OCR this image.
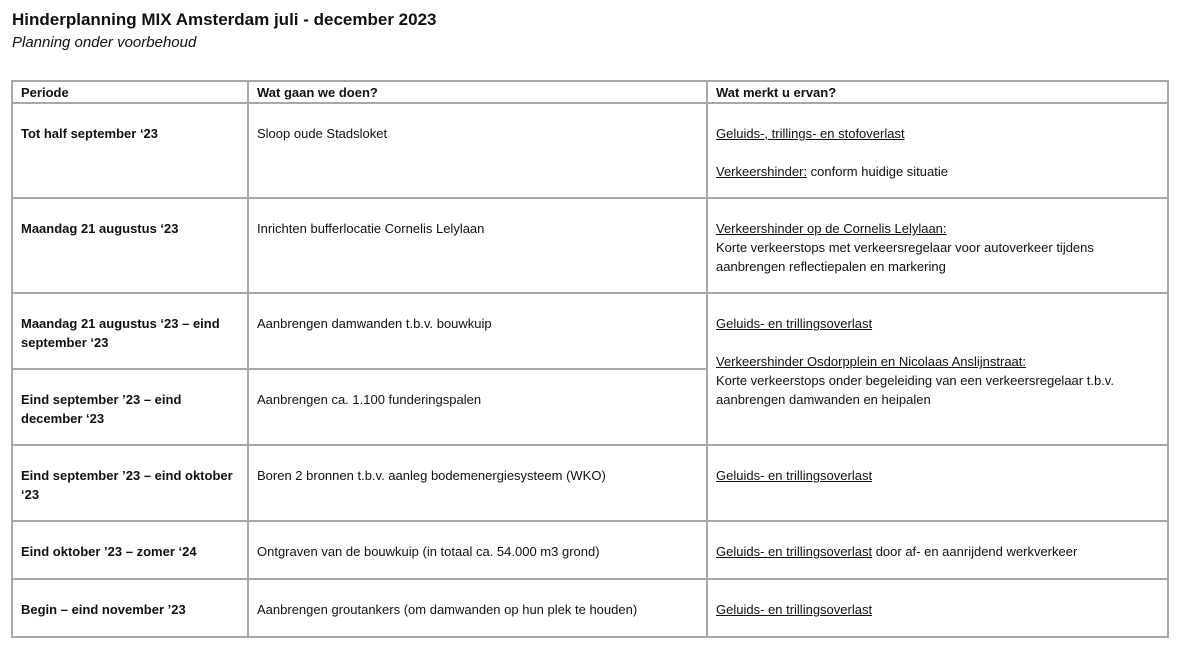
Hinderplanning MIX Amsterdam juli - december 2023
Planning onder voorbehoud
Periode	Wat gaan we doen?	Wat merkt u ervan?
Tot half september ‘23	Sloop oude Stadsloket	Geluids-, trillings- en stofoverlast

Verkeershinder: conform huidige situatie

Maandag 21 augustus ‘23	Inrichten bufferlocatie Cornelis Lelylaan	Verkeershinder op de Cornelis Lelylaan:

Korte verkeerstops met verkeersregelaar voor autoverkeer tijdens aanbrengen reflectiepalen en markering

Maandag 21 augustus ‘23 – eind september ‘23	Aanbrengen damwanden t.b.v. bouwkuip	Geluids- en trillingsoverlast

Verkeershinder Osdorpplein en Nicolaas Anslijnstraat:

Korte verkeerstops onder begeleiding van een verkeersregelaar t.b.v. aanbrengen damwanden en heipalen

Eind september ’23 – eind december ‘23	Aanbrengen ca. 1.100 funderingspalen	
Eind september ’23 – eind oktober ‘23	Boren 2 bronnen t.b.v. aanleg bodemenergiesysteem (WKO)	Geluids- en trillingsoverlast

Eind oktober ’23 – zomer ‘24	Ontgraven van de bouwkuip (in totaal ca. 54.000 m3 grond)	Geluids- en trillingsoverlast door af- en aanrijdend werkverkeer

Begin – eind november ’23	Aanbrengen groutankers (om damwanden op hun plek te houden)	Geluids- en trillingsoverlast
